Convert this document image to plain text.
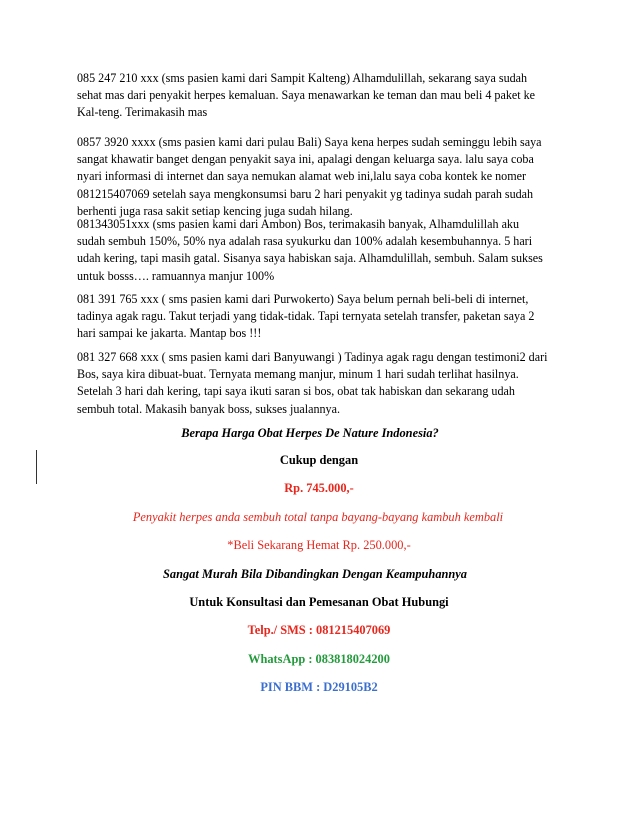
085 247 210 xxx (sms pasien kami dari Sampit Kalteng) Alhamdulillah, sekarang saya sudah
sehat mas dari penyakit herpes kemaluan. Saya menawarkan ke teman dan mau beli 4 paket ke
Kal-teng. Terimakasih mas

0857 3920 xxxx (sms pasien kami dari pulau Bali) Saya kena herpes sudah seminggu lebih saya
sangat khawatir banget dengan penyakit saya ini, apalagi dengan keluarga saya. lalu saya coba
nyari informasi di internet dan saya nemukan alamat web ini,lalu saya coba kontek ke nomer
081215407069 setelah saya mengkonsumsi baru 2 hari penyakit yg tadinya sudah parah sudah
berhenti juga rasa sakit setiap kencing juga sudah hilang.

081343051xxx (sms pasien kami dari Ambon) Bos, terimakasih banyak, Alhamdulillah aku
sudah sembuh 150%, 50% nya adalah rasa syukurku dan 100% adalah kesembuhannya. 5 hari
udah kering, tapi masih gatal. Sisanya saya habiskan saja. Alhamdulillah, sembuh. Salam sukses
untuk bosss…. ramuannya manjur 100%

081 391 765 xxx ( sms pasien kami dari Purwokerto) Saya belum pernah beli-beli di internet,
tadinya agak ragu. Takut terjadi yang tidak-tidak. Tapi ternyata setelah transfer, paketan saya 2
hari sampai ke jakarta. Mantap bos !!!

081 327 668 xxx ( sms pasien kami dari Banyuwangi ) Tadinya agak ragu dengan testimoni2 dari
Bos, saya kira dibuat-buat. Ternyata memang manjur, minum 1 hari sudah terlihat hasilnya.
Setelah 3 hari dah kering, tapi saya ikuti saran si bos, obat tak habiskan dan sekarang udah
sembuh total. Makasih banyak boss, sukses jualannya.

Berapa Harga Obat Herpes De Nature Indonesia?

Cukup dengan

Rp. 745.000,-

Penyakit herpes anda sembuh total tanpa bayang-bayang kambuh kembali

*Beli Sekarang Hemat Rp. 250.000,-

Sangat Murah Bila Dibandingkan Dengan Keampuhannya

Untuk Konsultasi dan Pemesanan Obat Hubungi

Telp./ SMS : 081215407069

WhatsApp : 083818024200

PIN BBM : D29105B2
